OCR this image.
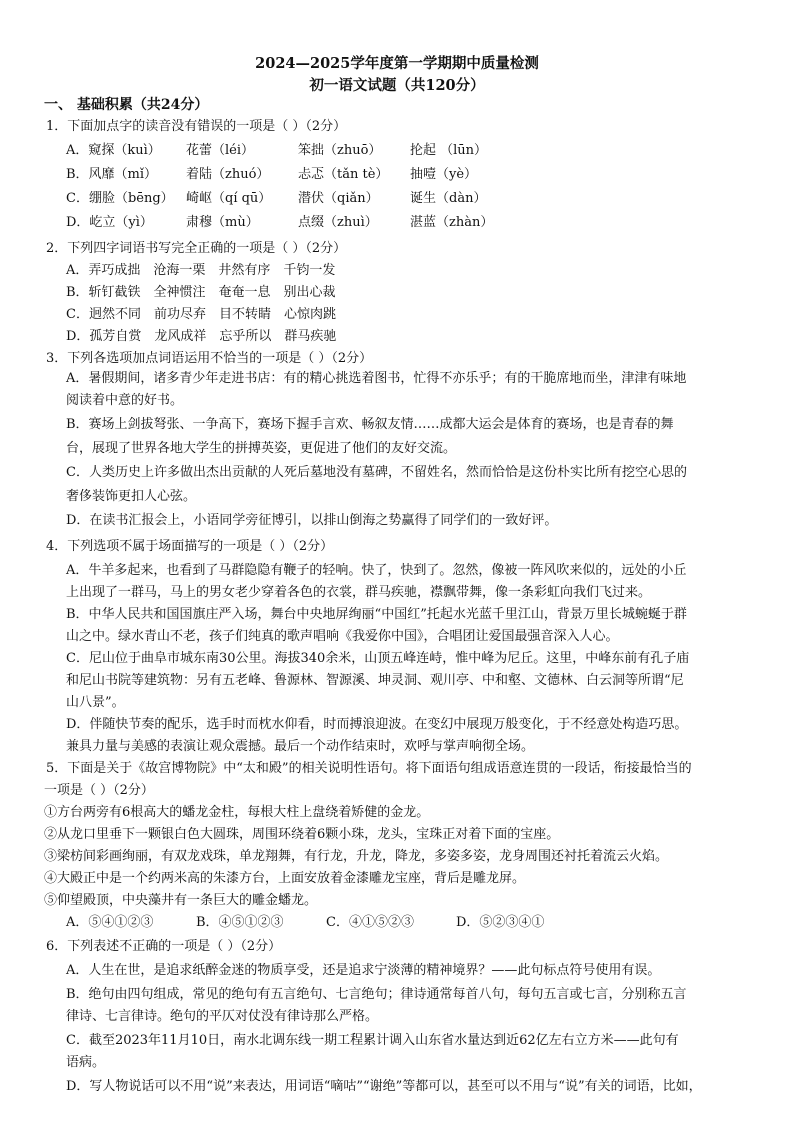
2024—2025学年度第一学期期中质量检测
初一语文试题（共120分）
一、 基础积累（共24分）
1．下面加点字的读音没有错误的一项是（ ）（2分）
A．窥探（kuì） 花蕾（léi）	笨拙（zhuō） 抡起 （lūn）
B．风靡（mǐ） 着陆（zhuó） 忐忑（tǎn tè） 抽噎（yè）
C．绷脸（bēng） 崎岖（qí qū） 潜伏（qiǎn） 诞生（dàn）
D．屹立（yì）	肃穆（mù）	点缀（zhuì） 湛蓝（zhàn）
2．下列四字词语书写完全正确的一项是（ ）（2分）
A．弄巧成拙　沧海一栗　井然有序　千钧一发
B．斩钉截铁　全神惯注　奄奄一息　别出心裁
C．迥然不同　前功尽弃　目不转睛　心惊肉跳
D．孤芳自赏　龙风成祥　忘乎所以　群马疾驰
3．下列各选项加点词语运用不恰当的一项是（ ）（2分）
A．暑假期间，诸多青少年走进书店：有的精心挑选着图书，忙得不亦乐乎；有的干脆席地而坐，津津有味地
阅读着中意的好书。
B．赛场上剑拔弩张、一争高下，赛场下握手言欢、畅叙友情……成都大运会是体育的赛场，也是青春的舞
台，展现了世界各地大学生的拼搏英姿，更促进了他们的友好交流。
C．人类历史上许多做出杰出贡献的人死后墓地没有墓碑，不留姓名，然而恰恰是这份朴实比所有挖空心思的
奢侈装饰更扣人心弦。
D．在读书汇报会上，小语同学旁征博引，以排山倒海之势赢得了同学们的一致好评。
4．下列选项不属于场面描写的一项是（ ）（2分）
A．牛羊多起来，也看到了马群隐隐有鞭子的轻响。快了，快到了。忽然，像被一阵风吹来似的，远处的小丘
上出现了一群马，马上的男女老少穿着各色的衣裳，群马疾驰，襟飘带舞，像一条彩虹向我们飞过来。
B．中华人民共和国国旗庄严入场，舞台中央地屏绚丽“中国红”托起水光蓝千里江山，背景万里长城蜿蜒于群
山之中。绿水青山不老，孩子们纯真的歌声唱响《我爱你中国》，合唱团让爱国最强音深入人心。
C．尼山位于曲阜市城东南30公里。海拔340余米，山顶五峰连峙，惟中峰为尼丘。这里，中峰东前有孔子庙
和尼山书院等建筑物：另有五老峰、鲁源林、智源溪、坤灵洞、观川亭、中和壑、文德林、白云洞等所谓“尼
山八景”。
D．伴随快节奏的配乐，选手时而枕水仰看，时而搏浪迎波。在变幻中展现万般变化，于不经意处构造巧思。
兼具力量与美感的表演让观众震撼。最后一个动作结束时，欢呼与掌声响彻全场。
5．下面是关于《故宫博物院》中“太和殿”的相关说明性语句。将下面语句组成语意连贯的一段话，衔接最恰当的
一项是（ ）（2分）
①方台两旁有6根高大的蟠龙金柱，每根大柱上盘绕着矫健的金龙。
②从龙口里垂下一颗银白色大圆珠，周围环绕着6颗小珠，龙头，宝珠正对着下面的宝座。
③梁枋间彩画绚丽，有双龙戏珠，单龙翔舞，有行龙，升龙，降龙，多姿多姿，龙身周围还衬托着流云火焰。
④大殿正中是一个约两米高的朱漆方台，上面安放着金漆雕龙宝座，背后是雕龙屏。
⑤仰望殿顶，中央藻井有一条巨大的雕金蟠龙。
A．⑤④①②③	B．④⑤①②③	C．④①⑤②③	D．⑤②③④①
6．下列表述不正确的一项是（ ）（2分）
A．人生在世，是追求纸醉金迷的物质享受，还是追求宁淡薄的精神境界？——此句标点符号使用有误。
B．绝句由四句组成，常见的绝句有五言绝句、七言绝句；律诗通常每首八句，每句五言或七言，分别称五言
律诗、七言律诗。绝句的平仄对仗没有律诗那么严格。
C．截至2023年11月10日，南水北调东线一期工程累计调入山东省水量达到近62亿左右立方米——此句有
语病。
D．写人物说话可以不用“说”来表达，用词语“嘀咕”“谢绝”等都可以，甚至可以不用与“说”有关的词语，比如，
